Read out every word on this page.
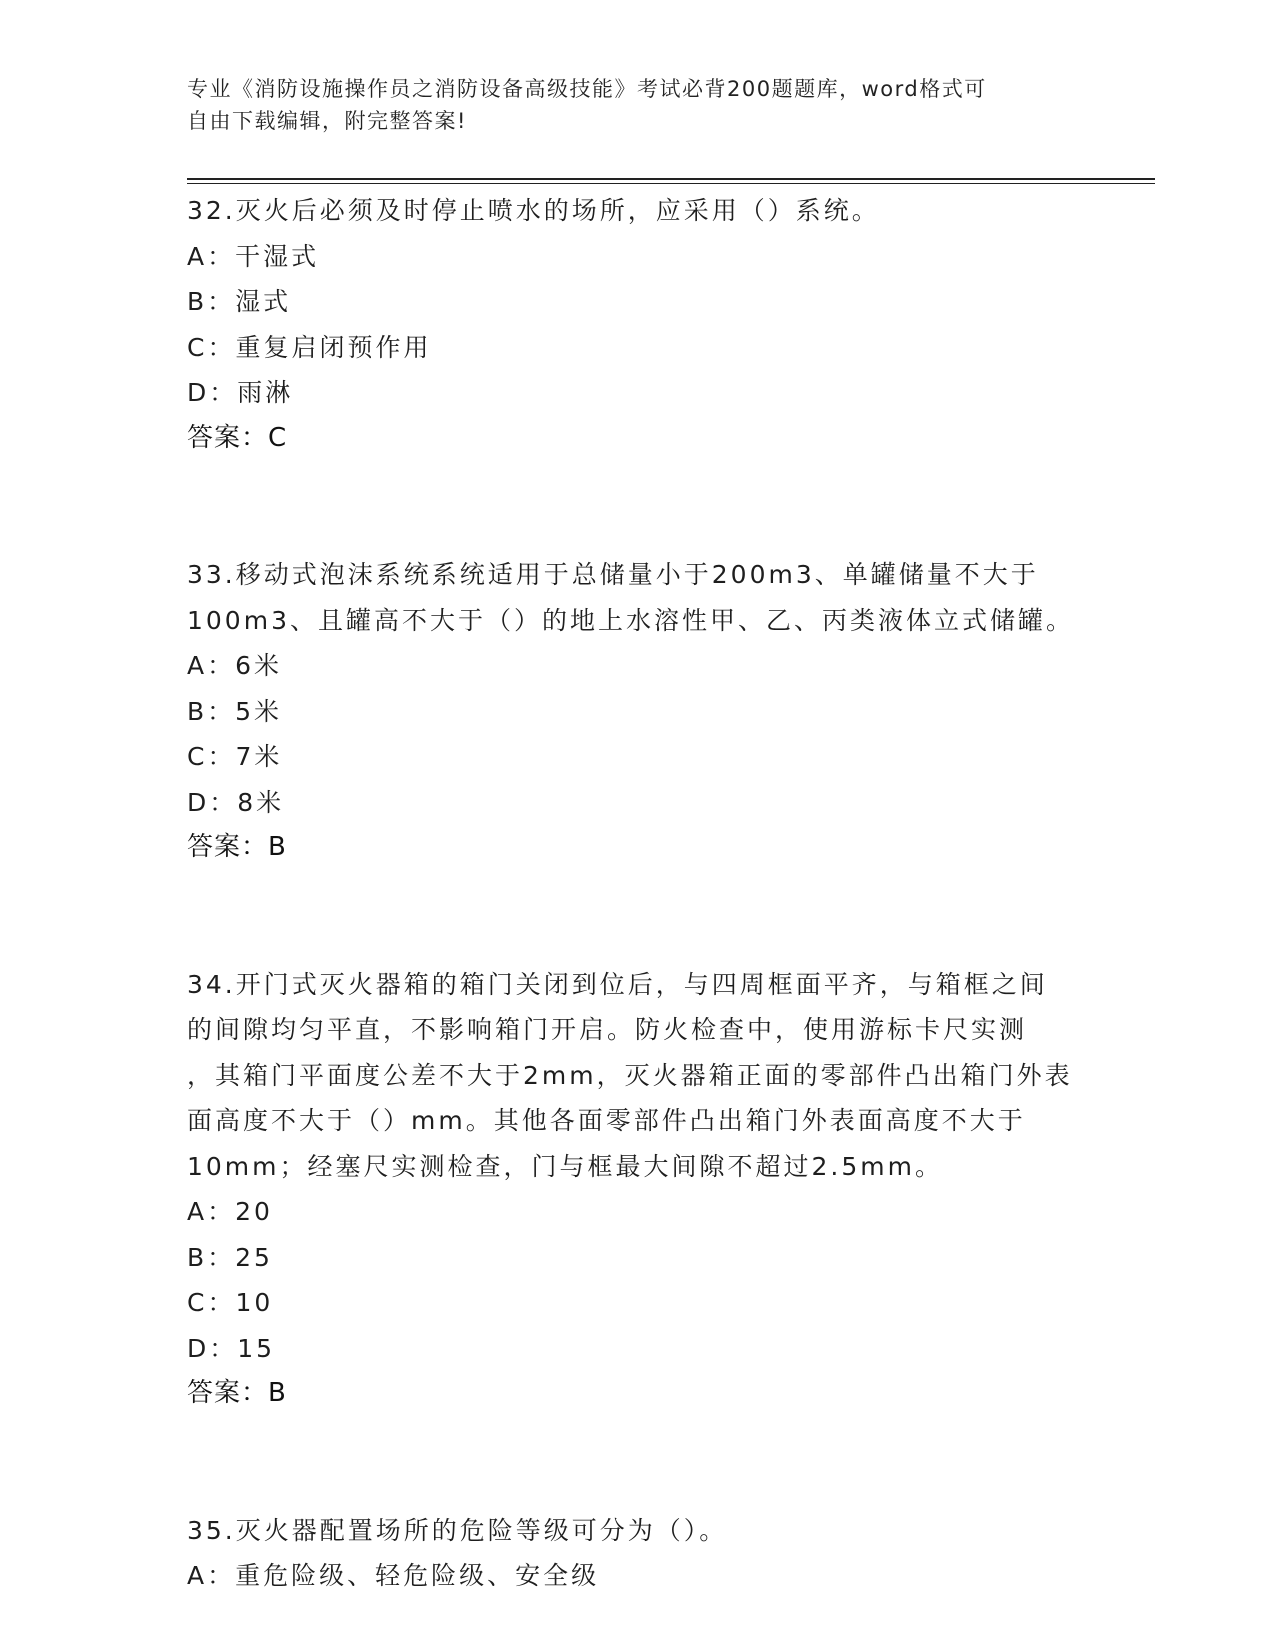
专业《消防设施操作员之消防设备高级技能》考试必背200题题库，word格式可
自由下载编辑，附完整答案!
32.灭火后必须及时停止喷水的场所，应采用（）系统。
A：干湿式
B：湿式
C：重复启闭预作用
D：雨淋
答案：C
33.移动式泡沫系统系统适用于总储量小于200m3、单罐储量不大于
100m3、且罐高不大于（）的地上水溶性甲、乙、丙类液体立式储罐。
A：6米
B：5米
C：7米
D：8米
答案：B
34.开门式灭火器箱的箱门关闭到位后，与四周框面平齐，与箱框之间
的间隙均匀平直，不影响箱门开启。防火检查中，使用游标卡尺实测
，其箱门平面度公差不大于2mm，灭火器箱正面的零部件凸出箱门外表
面高度不大于（）mm。其他各面零部件凸出箱门外表面高度不大于
10mm；经塞尺实测检查，门与框最大间隙不超过2.5mm。
A：20
B：25
C：10
D：15
答案：B
35.灭火器配置场所的危险等级可分为（）。
A：重危险级、轻危险级、安全级
